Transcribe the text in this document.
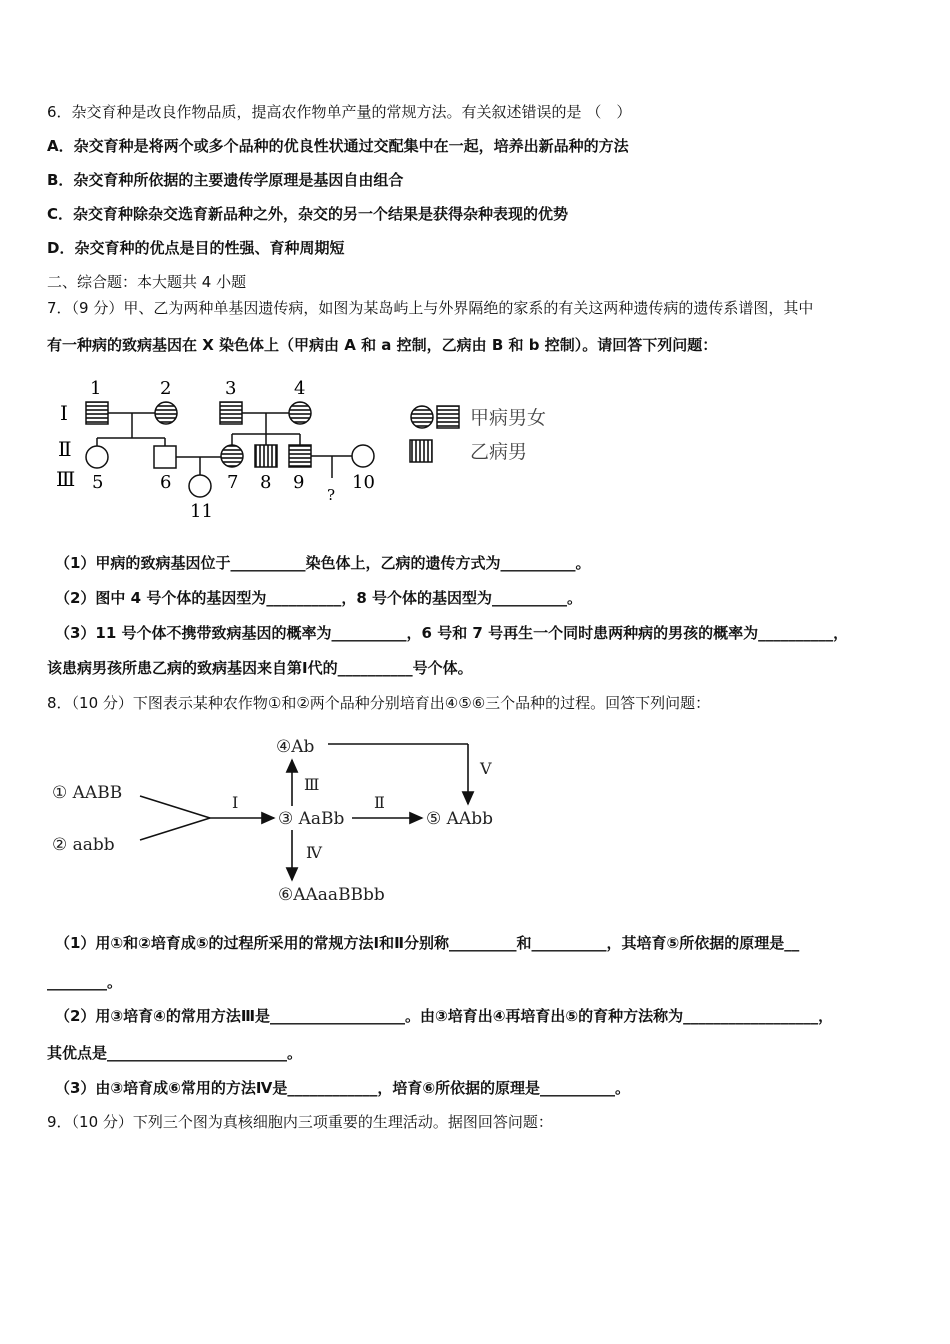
6．杂交育种是改良作物品质，提高农作物单产量的常规方法。有关叙述错误的是 （　）
A．杂交育种是将两个或多个品种的优良性状通过交配集中在一起，培养出新品种的方法
B．杂交育种所依据的主要遗传学原理是基因自由组合
C．杂交育种除杂交选育新品种之外，杂交的另一个结果是获得杂种表现的优势
D．杂交育种的优点是目的性强、育种周期短
二、综合题：本大题共 4 小题
7．（9 分）甲、乙为两种单基因遗传病，如图为某岛屿上与外界隔绝的家系的有关这两种遗传病的遗传系谱图，其中
有一种病的致病基因在 X 染色体上（甲病由 A 和 a 控制，乙病由 B 和 b 控制）。请回答下列问题：
Ⅰ
Ⅱ
Ⅲ
1	2	3	4
5	6	7 8 9
?
10
11
甲病男女
乙病男
（1）甲病的致病基因位于__________染色体上，乙病的遗传方式为__________。
（2）图中 4 号个体的基因型为__________，8 号个体的基因型为__________。
（3）11 号个体不携带致病基因的概率为__________，6 号和 7 号再生一个同时患两种病的男孩的概率为__________，
该患病男孩所患乙病的致病基因来自第Ⅰ代的__________号个体。
8．（10 分）下图表示某种农作物①和②两个品种分别培育出④⑤⑥三个品种的过程。回答下列问题：
① AABB
② aabb
③ AaBb
④Ab
⑤ AAbb
⑥AAaaBBbb
Ⅰ	Ⅱ
Ⅲ
Ⅳ
Ⅴ
（1）用①和②培育成⑤的过程所采用的常规方法Ⅰ和Ⅱ分别称_________和__________，其培育⑤所依据的原理是__
________。
（2）用③培育④的常用方法Ⅲ是__________________。由③培育出④再培育出⑤的育种方法称为__________________，
其优点是________________________。
（3）由③培育成⑥常用的方法Ⅳ是____________，培育⑥所依据的原理是__________。
9．（10 分）下列三个图为真核细胞内三项重要的生理活动。据图回答问题：
